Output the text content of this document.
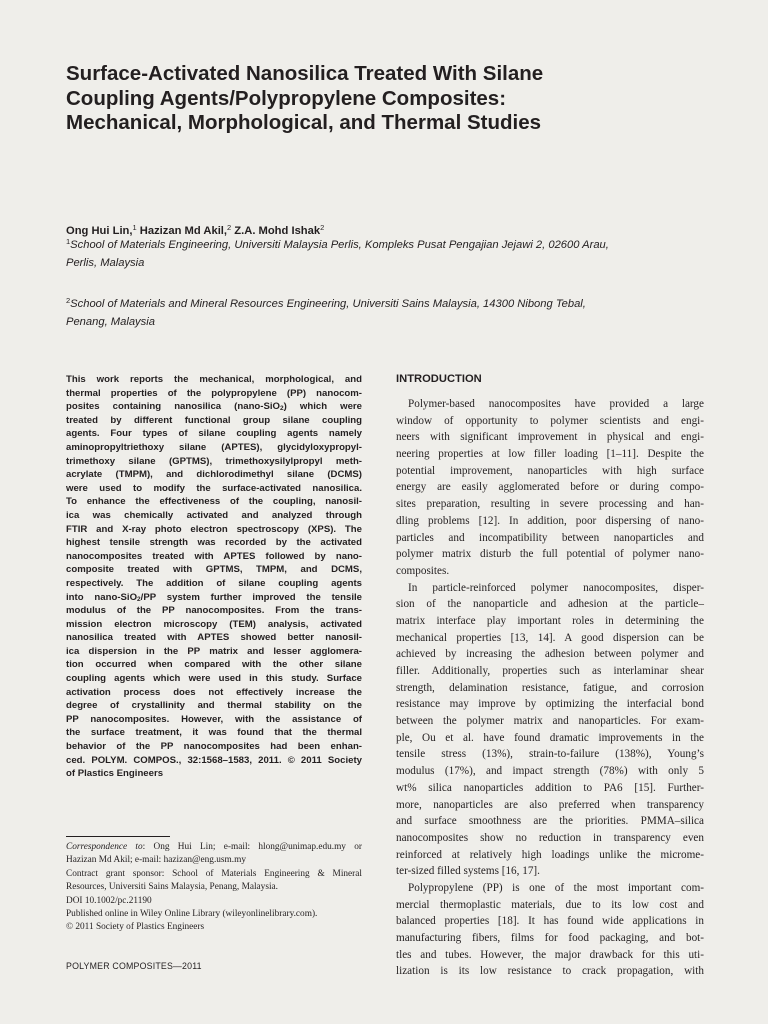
Surface-Activated Nanosilica Treated With Silane
Coupling Agents/Polypropylene Composites:
Mechanical, Morphological, and Thermal Studies
Ong Hui Lin,$^1$ Hazizan Md Akil,$^2$ Z.A. Mohd Ishak$^2$
$^1$School of Materials Engineering, Universiti Malaysia Perlis, Kompleks Pusat Pengajian Jejawi 2, 02600 Arau,
Perlis, Malaysia
$^2$School of Materials and Mineral Resources Engineering, Universiti Sains Malaysia, 14300 Nibong Tebal,
Penang, Malaysia
This work reports the mechanical, morphological, and
thermal properties of the polypropylene (PP) nanocom-
posites containing nanosilica (nano-SiO$_2$) which were
treated by different functional group silane coupling
agents. Four types of silane coupling agents namely
aminopropyltriethoxy silane (APTES), glycidyloxypropyl-
trimethoxy silane (GPTMS), trimethoxysilylpropyl meth-
acrylate (TMPM), and dichlorodimethyl silane (DCMS)
were used to modify the surface-activated nanosilica.
To enhance the effectiveness of the coupling, nanosil-
ica was chemically activated and analyzed through
FTIR and X-ray photo electron spectroscopy (XPS). The
highest tensile strength was recorded by the activated
nanocomposites treated with APTES followed by nano-
composite treated with GPTMS, TMPM, and DCMS,
respectively. The addition of silane coupling agents
into nano-SiO$_2$/PP system further improved the tensile
modulus of the PP nanocomposites. From the trans-
mission electron microscopy (TEM) analysis, activated
nanosilica treated with APTES showed better nanosil-
ica dispersion in the PP matrix and lesser agglomera-
tion occurred when compared with the other silane
coupling agents which were used in this study. Surface
activation process does not effectively increase the
degree of crystallinity and thermal stability on the
PP nanocomposites. However, with the assistance of
the surface treatment, it was found that the thermal
behavior of the PP nanocomposites had been enhan-
ced. POLYM. COMPOS., 32:1568–1583, 2011. © 2011 Society
of Plastics Engineers
Correspondence to: Ong Hui Lin; e-mail: hlong@unimap.edu.my or
Hazizan Md Akil; e-mail: hazizan@eng.usm.my
Contract grant sponsor: School of Materials Engineering & Mineral
Resources, Universiti Sains Malaysia, Penang, Malaysia.
DOI 10.1002/pc.21190
Published online in Wiley Online Library (wileyonlinelibrary.com).
© 2011 Society of Plastics Engineers
POLYMER COMPOSITES—2011
INTRODUCTION
Polymer-based nanocomposites have provided a large
window of opportunity to polymer scientists and engi-
neers with significant improvement in physical and engi-
neering properties at low filler loading [1–11]. Despite the
potential improvement, nanoparticles with high surface
energy are easily agglomerated before or during compo-
sites preparation, resulting in severe processing and han-
dling problems [12]. In addition, poor dispersing of nano-
particles and incompatibility between nanoparticles and
polymer matrix disturb the full potential of polymer nano-
composites.
In particle-reinforced polymer nanocomposites, disper-
sion of the nanoparticle and adhesion at the particle–
matrix interface play important roles in determining the
mechanical properties [13, 14]. A good dispersion can be
achieved by increasing the adhesion between polymer and
filler. Additionally, properties such as interlaminar shear
strength, delamination resistance, fatigue, and corrosion
resistance may improve by optimizing the interfacial bond
between the polymer matrix and nanoparticles. For exam-
ple, Ou et al. have found dramatic improvements in the
tensile stress (13%), strain-to-failure (138%), Young’s
modulus (17%), and impact strength (78%) with only 5
wt% silica nanoparticles addition to PA6 [15]. Further-
more, nanoparticles are also preferred when transparency
and surface smoothness are the priorities. PMMA–silica
nanocomposites show no reduction in transparency even
reinforced at relatively high loadings unlike the microme-
ter-sized filled systems [16, 17].
Polypropylene (PP) is one of the most important com-
mercial thermoplastic materials, due to its low cost and
balanced properties [18]. It has found wide applications in
manufacturing fibers, films for food packaging, and bot-
tles and tubes. However, the major drawback for this uti-
lization is its low resistance to crack propagation, with
